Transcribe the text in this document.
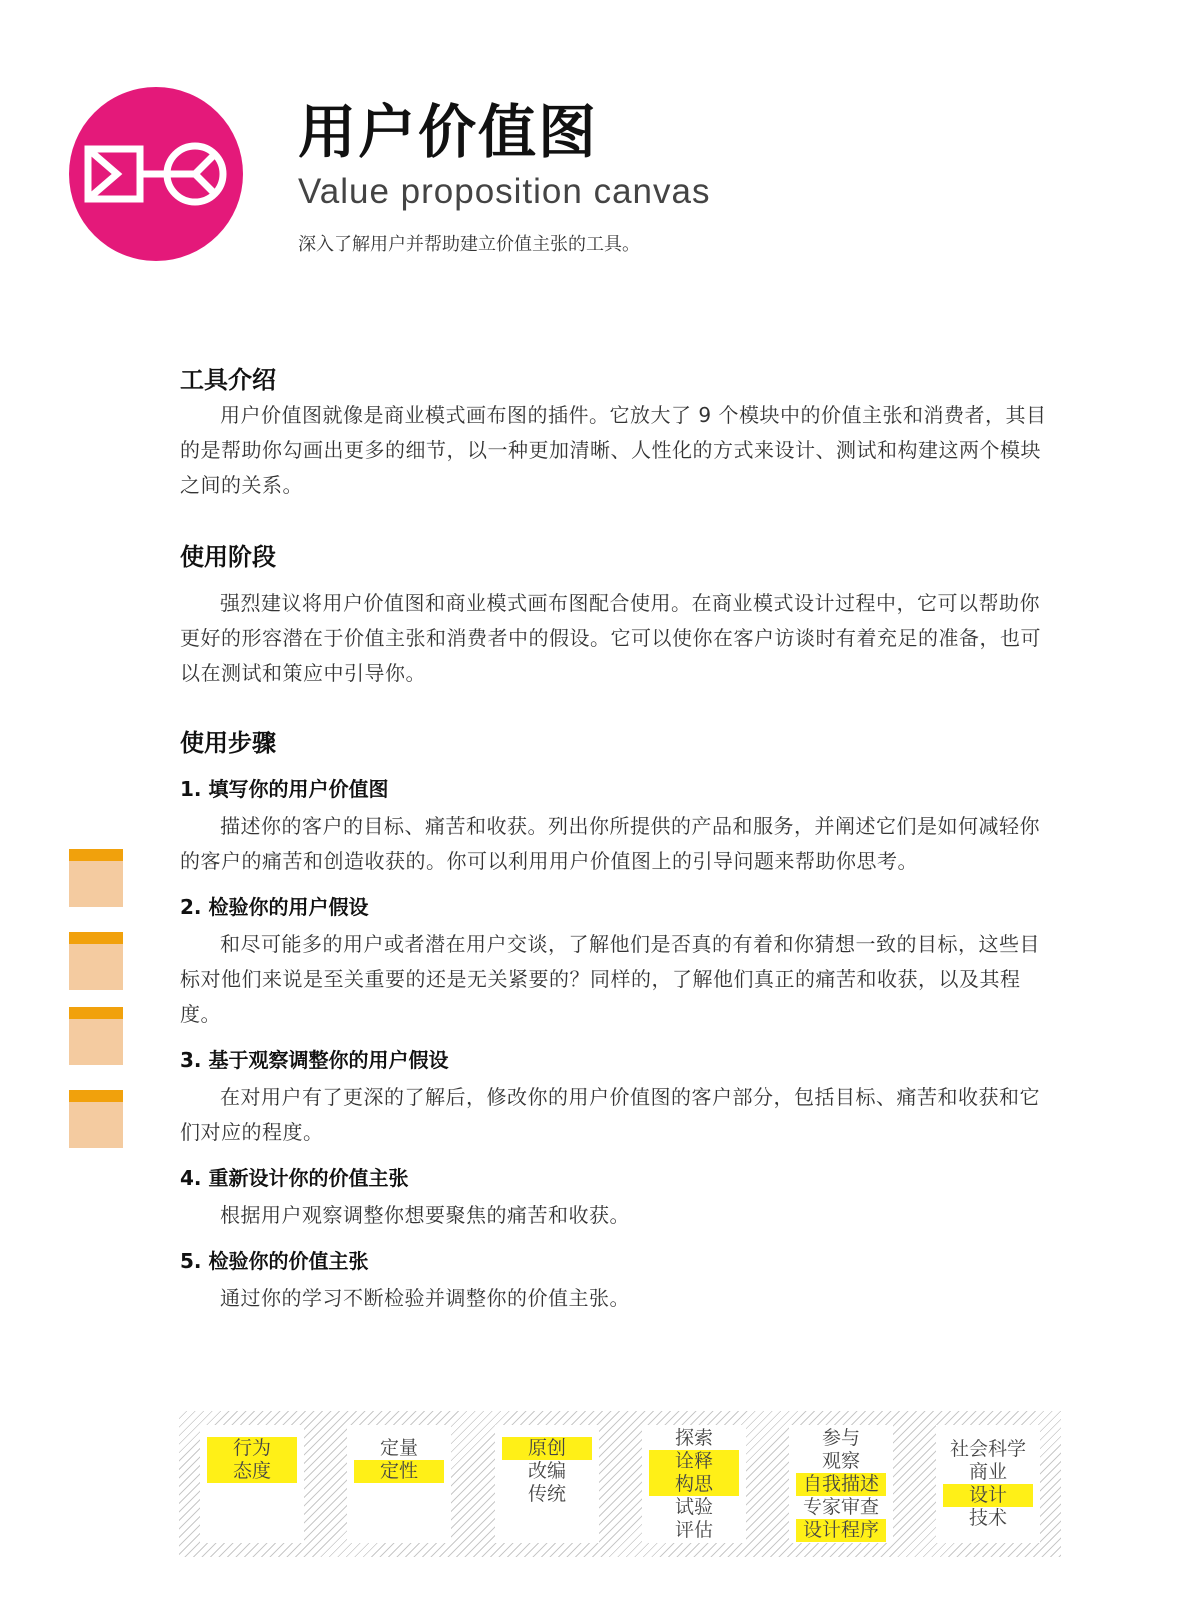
用户价值图
Value proposition canvas
深入了解用户并帮助建立价值主张的工具。
工具介绍

用户价值图就像是商业模式画布图的插件。它放大了 9 个模块中的价值主张和消费者，其目的是帮助你勾画出更多的细节，以一种更加清晰、人性化的方式来设计、测试和构建这两个模块之间的关系。

使用阶段

强烈建议将用户价值图和商业模式画布图配合使用。在商业模式设计过程中，它可以帮助你更好的形容潜在于价值主张和消费者中的假设。它可以使你在客户访谈时有着充足的准备，也可以在测试和策应中引导你。

使用步骤
1. 填写你的用户价值图

描述你的客户的目标、痛苦和收获。列出你所提供的产品和服务，并阐述它们是如何减轻你的客户的痛苦和创造收获的。你可以利用用户价值图上的引导问题来帮助你思考。

2. 检验你的用户假设

和尽可能多的用户或者潜在用户交谈，了解他们是否真的有着和你猜想一致的目标，这些目标对他们来说是至关重要的还是无关紧要的？同样的，了解他们真正的痛苦和收获，以及其程度。

3. 基于观察调整你的用户假设

在对用户有了更深的了解后，修改你的用户价值图的客户部分，包括目标、痛苦和收获和它们对应的程度。

4. 重新设计你的价值主张

根据用户观察调整你想要聚焦的痛苦和收获。

5. 检验你的价值主张

通过你的学习不断检验并调整你的价值主张。

行为
态度
定量
定性
原创
改编
传统
探索
诠释
构思
试验
评估
参与
观察
自我描述
专家审查
设计程序
社会科学
商业
设计
技术
